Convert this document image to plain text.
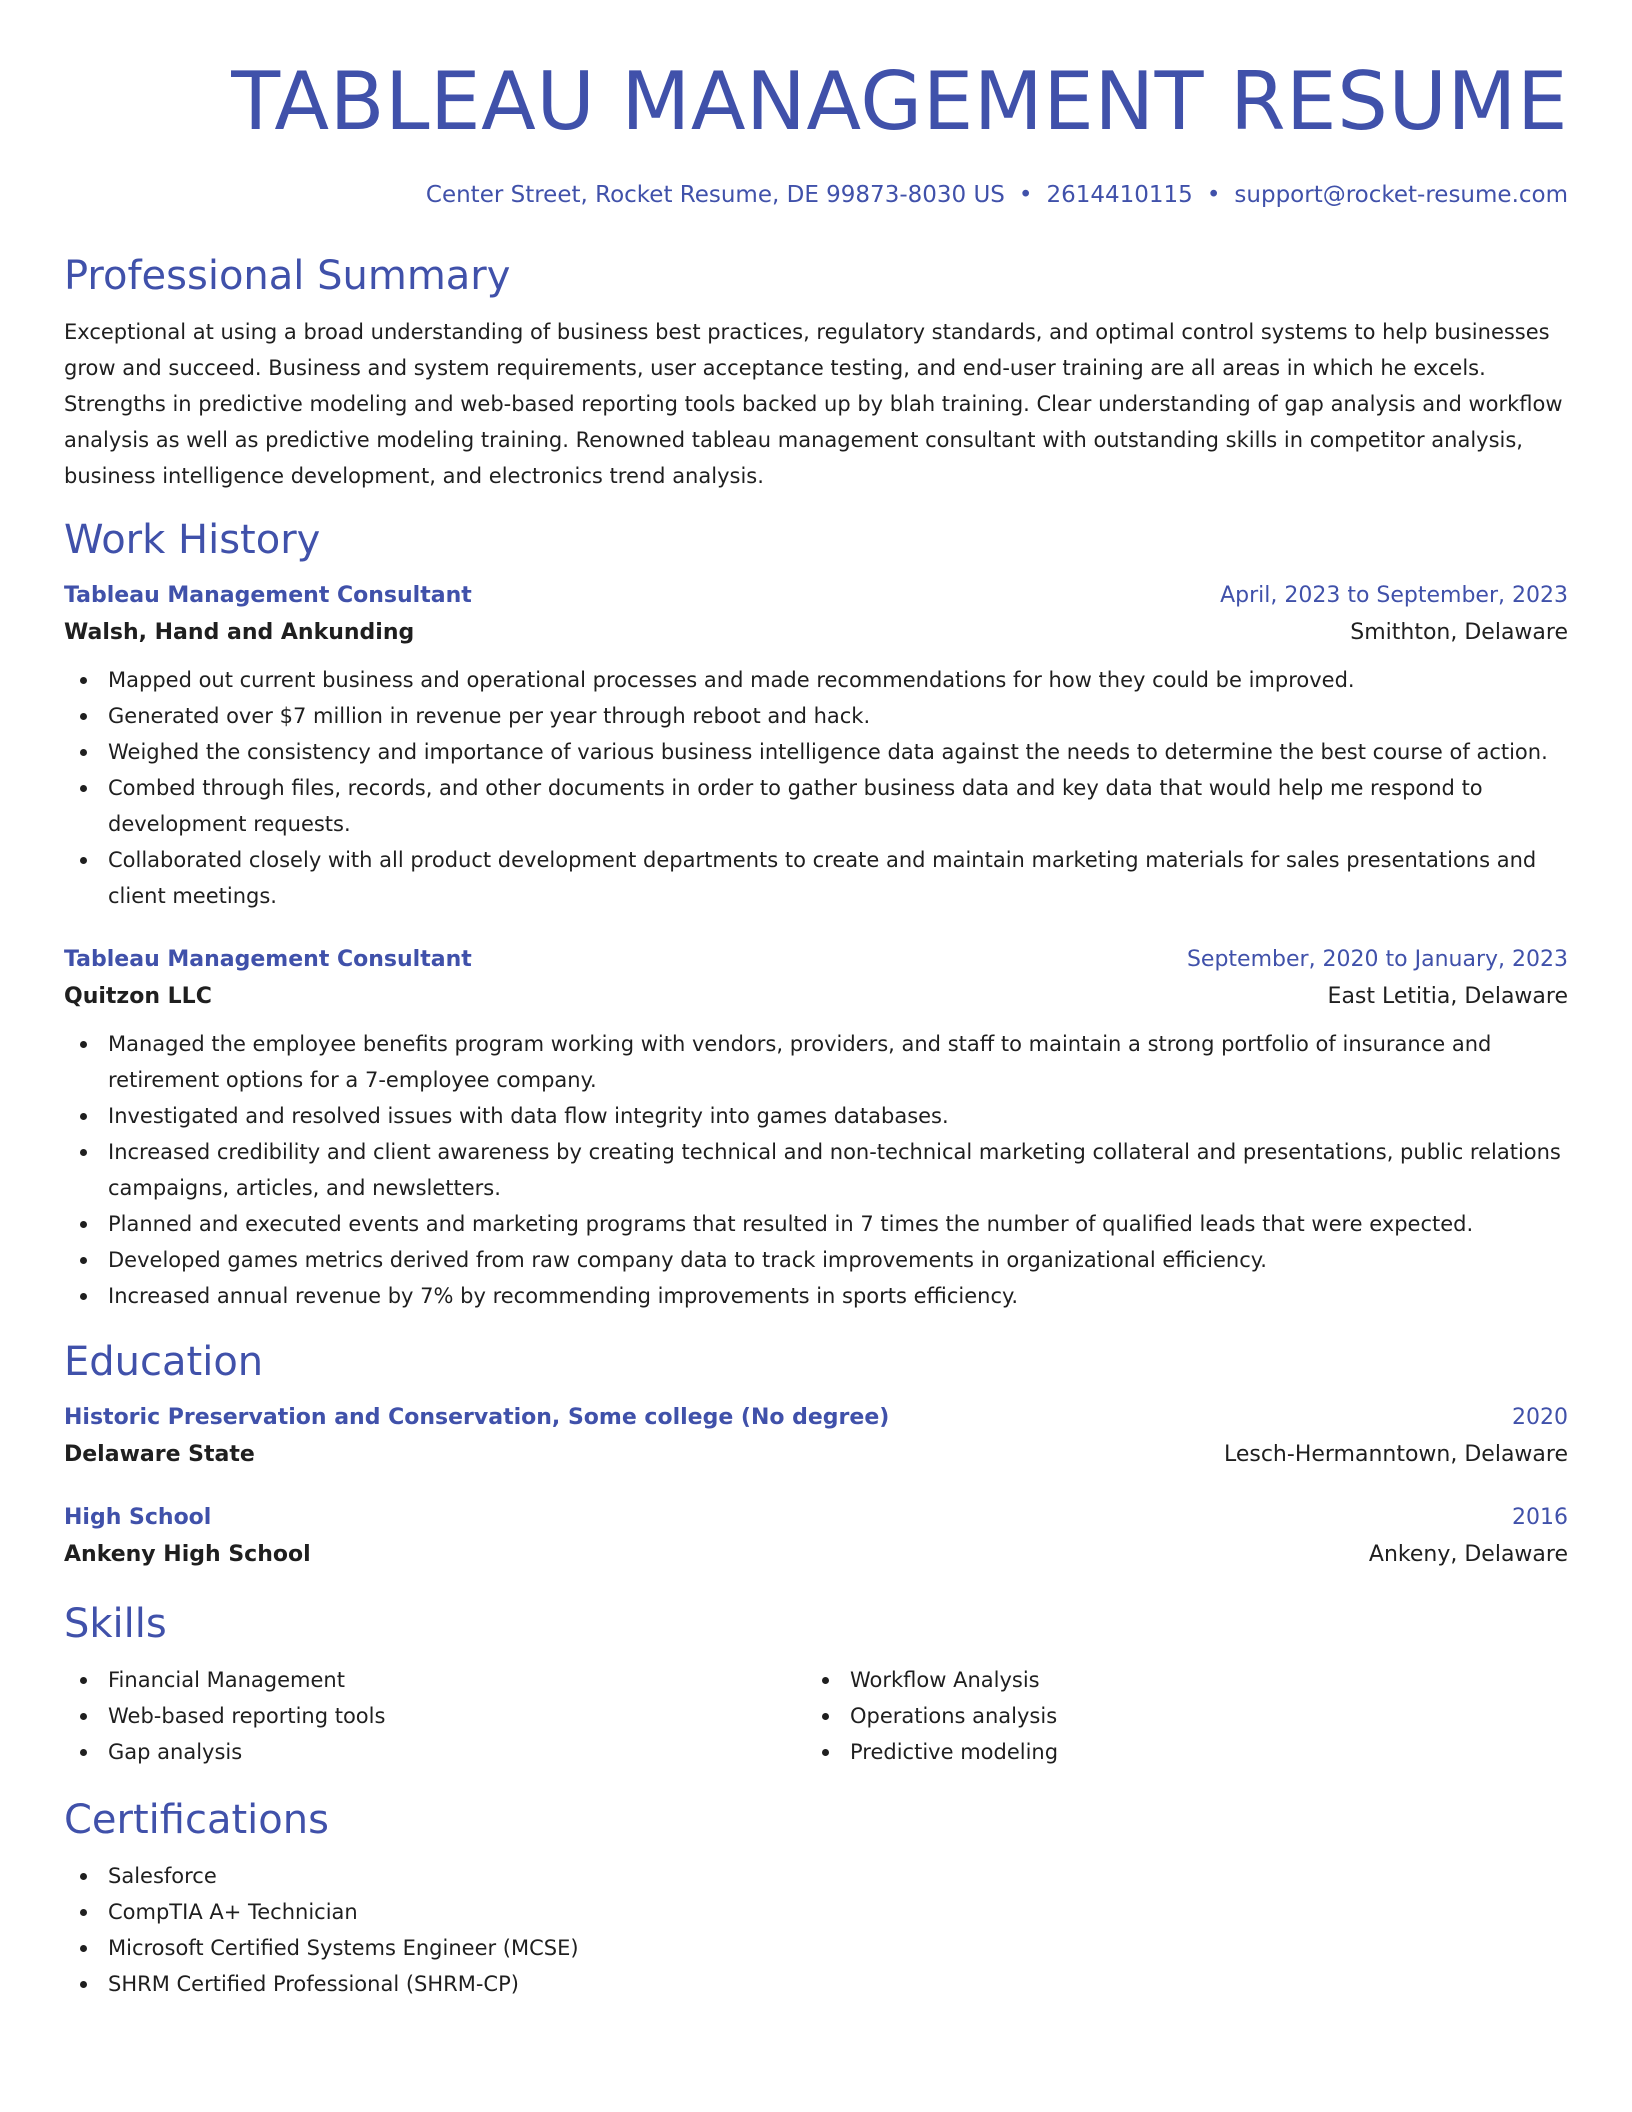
TABLEAU MANAGEMENT RESUME
Center Street, Rocket Resume, DE 99873-8030 US • 2614410115 • support@rocket-resume.com
Professional Summary
Exceptional at using a broad understanding of business best practices, regulatory standards, and optimal control systems to help businesses grow and succeed. Business and system requirements, user acceptance testing, and end-user training are all areas in which he excels. Strengths in predictive modeling and web-based reporting tools backed up by blah training. Clear understanding of gap analysis and workflow analysis as well as predictive modeling training. Renowned tableau management consultant with outstanding skills in competitor analysis, business intelligence development, and electronics trend analysis.
Work History
Tableau Management Consultant	April, 2023 to September, 2023
Walsh, Hand and Ankunding	Smithton, Delaware
Mapped out current business and operational processes and made recommendations for how they could be improved.
Generated over $7 million in revenue per year through reboot and hack.
Weighed the consistency and importance of various business intelligence data against the needs to determine the best course of action.
Combed through files, records, and other documents in order to gather business data and key data that would help me respond to development requests.
Collaborated closely with all product development departments to create and maintain marketing materials for sales presentations and client meetings.
Tableau Management Consultant	September, 2020 to January, 2023
Quitzon LLC	East Letitia, Delaware
Managed the employee benefits program working with vendors, providers, and staff to maintain a strong portfolio of insurance and retirement options for a 7-employee company.
Investigated and resolved issues with data flow integrity into games databases.
Increased credibility and client awareness by creating technical and non-technical marketing collateral and presentations, public relations campaigns, articles, and newsletters.
Planned and executed events and marketing programs that resulted in 7 times the number of qualified leads that were expected.
Developed games metrics derived from raw company data to track improvements in organizational efficiency.
Increased annual revenue by 7% by recommending improvements in sports efficiency.
Education
Historic Preservation and Conservation, Some college (No degree)	2020
Delaware State	Lesch-Hermanntown, Delaware
High School	2016
Ankeny High School	Ankeny, Delaware
Skills
Financial Management
Web-based reporting tools
Gap analysis
Workflow Analysis
Operations analysis
Predictive modeling
Certifications
Salesforce
CompTIA A+ Technician
Microsoft Certified Systems Engineer (MCSE)
SHRM Certified Professional (SHRM-CP)
